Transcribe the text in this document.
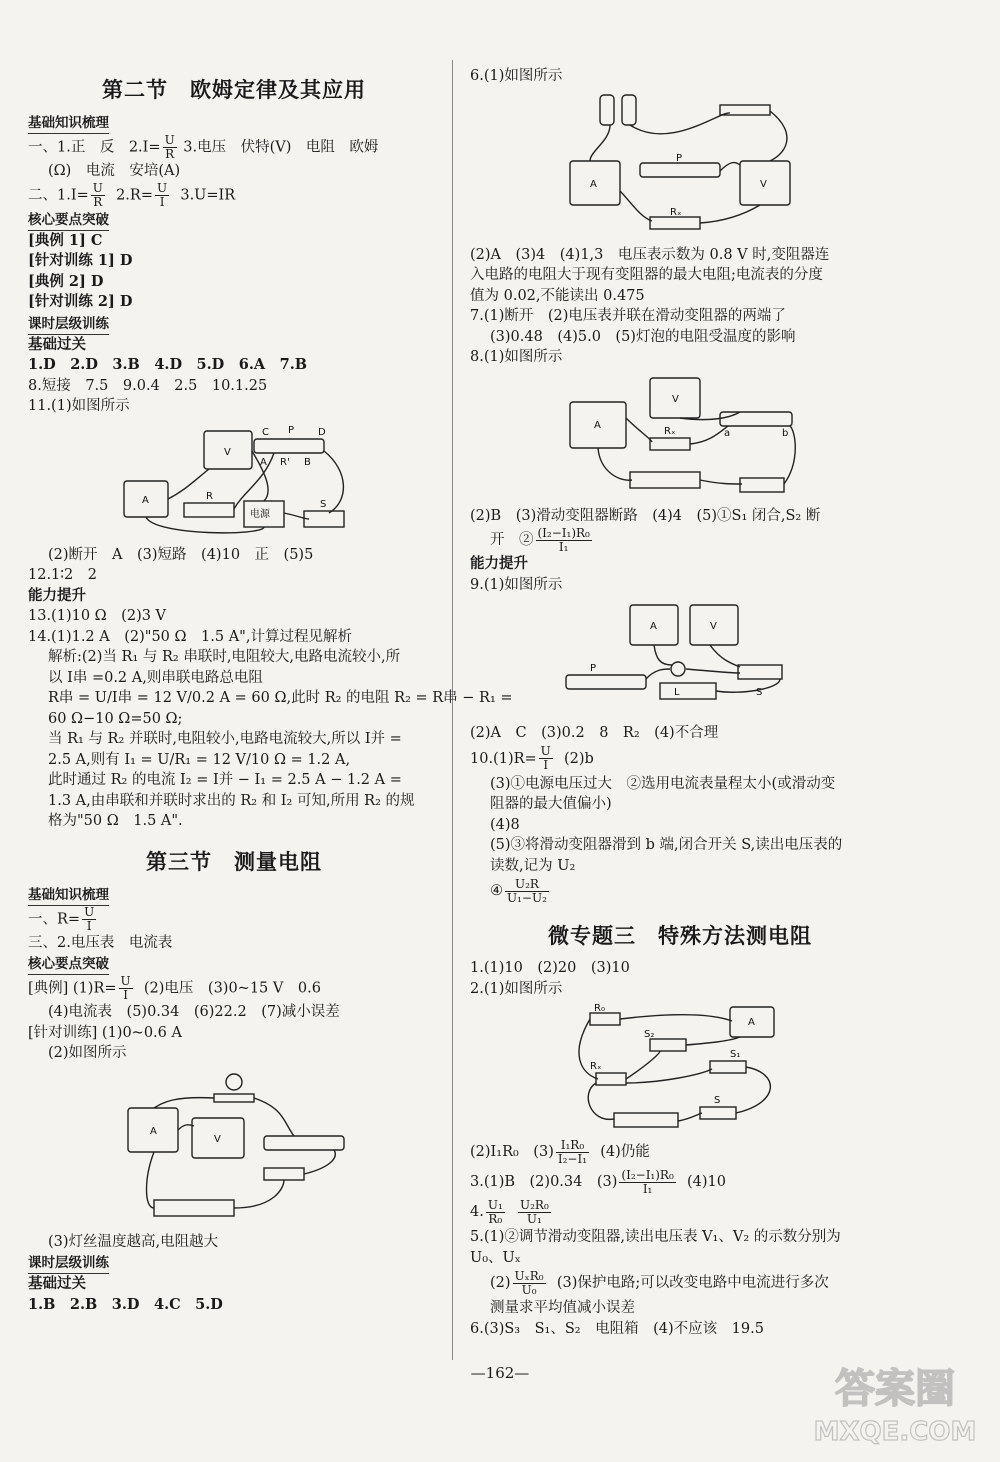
第二节　欧姆定律及其应用
基础知识梳理
一、1.正　反　$2.I= \frac{U}{R} 3$.电压　伏特(V)　电阻　欧姆
(Ω)　电流　安培(A)
二、$1.I= \frac{U}{R} 2.R= \frac{U}{I} 3.U=IR$
核心要点突破
[典例 1] C
[针对训练 1] D
[典例 2] D
[针对训练 2] D
课时层级训练
基础过关
1.D　2.D　3.B　4.D　5.D　6.A　7.B
8.短接　7.5　9.0.4　2.5　10.1.25
11.(1)如图所示
A
V
C P D
A R' B
R
电源
S
(2)断开　A　(3)短路　(4)10　正　(5)5
12.1∶2　2
能力提升
13.(1)10 Ω　(2)3 V
14.(1)1.2 A　(2)"50 Ω　1.5 A",计算过程见解析
解析:(2)当 R₁ 与 R₂ 串联时,电阻较大,电路电流较小,所
以 I串 =0.2 A,则串联电路总电阻
R串 = U/I串 = 12 V/0.2 A = 60 Ω,此时 R₂ 的电阻 R₂ = R串 − R₁ =
60 Ω−10 Ω=50 Ω;
当 R₁ 与 R₂ 并联时,电阻较小,电路电流较大,所以 I并 =
2.5 A,则有 I₁ = U/R₁ = 12 V/10 Ω = 1.2 A,
此时通过 R₂ 的电流 I₂ = I并 − I₁ = 2.5 A − 1.2 A =
1.3 A,由串联和并联时求出的 R₂ 和 I₂ 可知,所用 R₂ 的规
格为"50 Ω　1.5 A".
第三节　测量电阻
基础知识梳理
一、$R= \frac{U}{I}$
三、2.电压表　电流表
核心要点突破
[典例] $(1)R= \frac{U}{I} (2)$电压　(3)0~15 V　0.6
(4)电流表　(5)0.34　(6)22.2　(7)减小误差
[针对训练] (1)0~0.6 A
(2)如图所示
A
V
(3)灯丝温度越高,电阻越大
课时层级训练
基础过关
1.B　2.B　3.D　4.C　5.D
6.(1)如图所示
A	V
P
Rₓ
(2)A　(3)4　(4)1,3　电压表示数为 0.8 V 时,变阻器连
入电路的电阻大于现有变阻器的最大电阻;电流表的分度
值为 0.02,不能读出 0.475
7.(1)断开　(2)电压表并联在滑动变阻器的两端了
(3)0.48　(4)5.0　(5)灯泡的电阻受温度的影响
8.(1)如图所示
A
V
Rₓ	a	b
(2)B　(3)滑动变阻器断路　(4)4　(5)①S₁ 闭合,S₂ 断
开　② $\frac{\text{(I₂−I₁)R₀}}{\text{I₁}}$
能力提升
9.(1)如图所示
A	V
P
L	S
(2)A　C　(3)0.2　8　R₂　(4)不合理
$10.(1)R= \frac{U}{I} (2)b$
(3)①电源电压过大　②选用电流表量程太小(或滑动变
阻器的最大值偏小)
(4)8
(5)③将滑动变阻器滑到 b 端,闭合开关 S,读出电压表的
读数,记为 U₂
④ $\frac{\text{U₂R}}{\text{U₁−U₂}}$
微专题三　特殊方法测电阻
1.(1)10　(2)20　(3)10
2.(1)如图所示
R₀
S₂
S₁
Rₓ
S
A
(2)I₁R₀　$(3) \frac{\text{I₁R₀}}{\text{I₂−I₁}} (4)$仍能
3.(1)B　(2)0.34　$(3) \frac{\text{(I₂−I₁)R₀}}{\text{I₁}} (4)10$
4. $\frac{\text{U₁}}{\text{R₀}}$
$\frac{\text{U₂R₀}}{\text{U₁}}$
5.(1)②调节滑动变阻器,读出电压表 V₁、V₂ 的示数分别为
U₀、Uₓ
(2) UₓR₀
U₀	(3)保护电路;可以改变电路中电流进行多次
测量求平均值减小误差
6.(3)S₃　S₁、S₂　电阻箱　(4)不应该　19.5
—162—	答案圈
MXQE.COM
